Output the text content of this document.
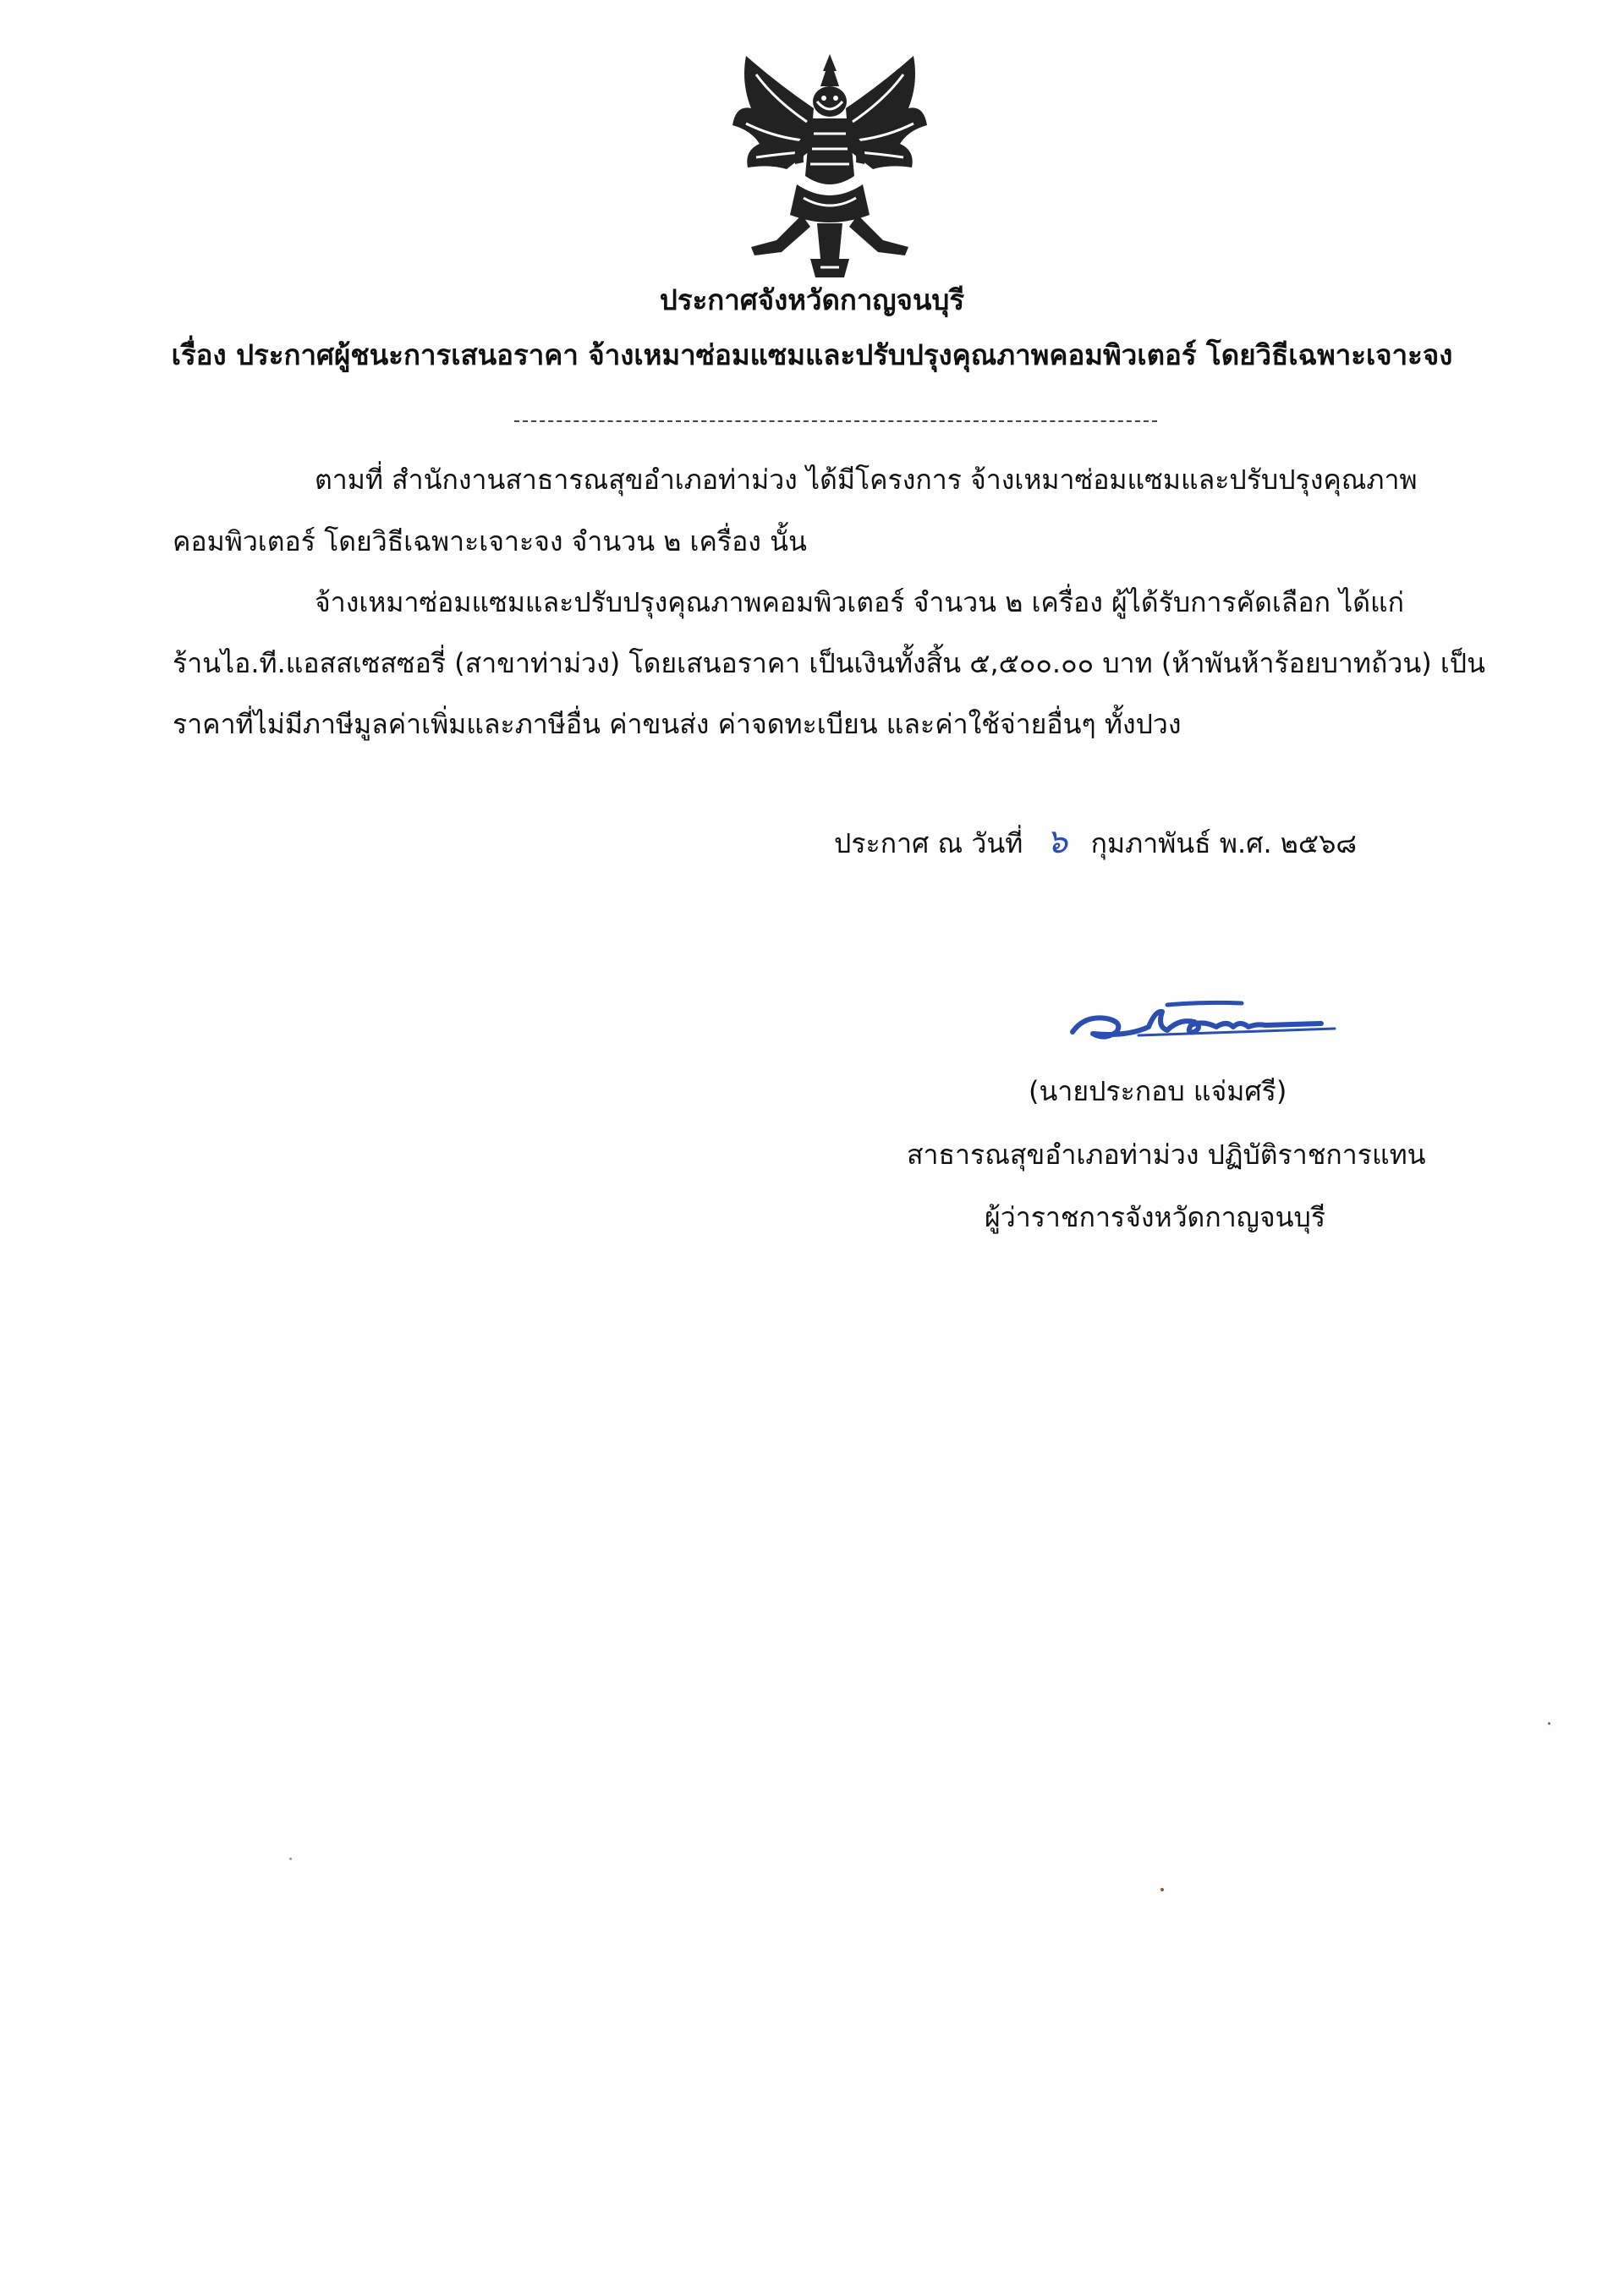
ประกาศจังหวัดกาญจนบุรี
เรื่อง ประกาศผู้ชนะการเสนอราคา จ้างเหมาซ่อมแซมและปรับปรุงคุณภาพคอมพิวเตอร์ โดยวิธีเฉพาะเจาะจง
ตามที่ สำนักงานสาธารณสุขอำเภอท่าม่วง ได้มีโครงการ จ้างเหมาซ่อมแซมและปรับปรุงคุณภาพ
คอมพิวเตอร์ โดยวิธีเฉพาะเจาะจง จำนวน ๒ เครื่อง นั้น
จ้างเหมาซ่อมแซมและปรับปรุงคุณภาพคอมพิวเตอร์ จำนวน ๒ เครื่อง ผู้ได้รับการคัดเลือก ได้แก่
ร้านไอ.ที.แอสสเซสซอรี่ (สาขาท่าม่วง) โดยเสนอราคา เป็นเงินทั้งสิ้น ๕,๕๐๐.๐๐ บาท (ห้าพันห้าร้อยบาทถ้วน) เป็น
ราคาที่ไม่มีภาษีมูลค่าเพิ่มและภาษีอื่น ค่าขนส่ง ค่าจดทะเบียน และค่าใช้จ่ายอื่นๆ ทั้งปวง
ประกาศ ณ วันที่ ๖ กุมภาพันธ์ พ.ศ. ๒๕๖๘
(นายประกอบ แจ่มศรี)
สาธารณสุขอำเภอท่าม่วง ปฏิบัติราชการแทน
ผู้ว่าราชการจังหวัดกาญจนบุรี
